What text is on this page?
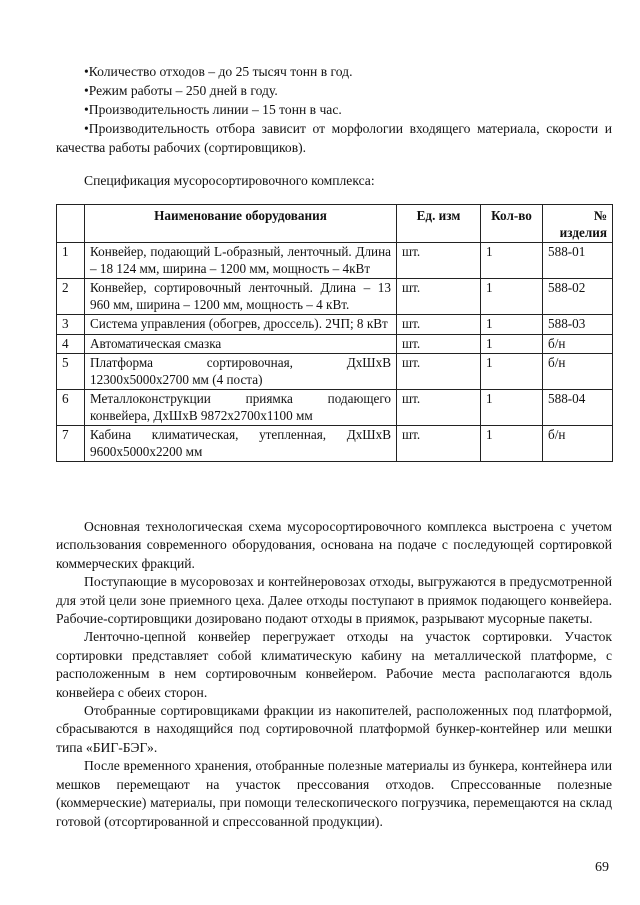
•Количество отходов – до 25 тысяч тонн в год.

•Режим работы – 250 дней в году.

•Производительность линии – 15 тонн в час.

•Производительность отбора зависит от морфологии входящего материала, скорости и качества работы рабочих (сортировщиков).

Спецификация мусоросортировочного комплекса:
	Наименование оборудования	Ед. изм	Кол-во	№ изделия
1	Конвейер, подающий L-образный, ленточный. Длина – 18 124 мм, ширина – 1200 мм, мощность – 4кВт	шт.	1	588-01
2	Конвейер, сортировочный ленточный. Длина – 13 960 мм, ширина – 1200 мм, мощность – 4 кВт.	шт.	1	588-02
3	Система управления (обогрев, дроссель). 2ЧП; 8 кВт	шт.	1	588-03
4	Автоматическая смазка	шт.	1	б/н
5	Платформа сортировочная, ДхШхВ 12300х5000х2700 мм (4 поста)	шт.	1	б/н
6	Металлоконструкции приямка подающего конвейера, ДхШхВ 9872х2700х1100 мм	шт.	1	588-04
7	Кабина климатическая, утепленная, ДхШхВ 9600х5000х2200 мм	шт.	1	б/н

Основная технологическая схема мусоросортировочного комплекса выстроена с учетом использования современного оборудования, основана на подаче с последующей сортировкой коммерческих фракций.

Поступающие в мусоровозах и контейнеровозах отходы, выгружаются в предусмотренной для этой цели зоне приемного цеха. Далее отходы поступают в приямок подающего конвейера. Рабочие-сортировщики дозировано подают отходы в приямок, разрывают мусорные пакеты.

Ленточно-цепной конвейер перегружает отходы на участок сортировки. Участок сортировки представляет собой климатическую кабину на металлической платформе, с расположенным в нем сортировочным конвейером. Рабочие места располагаются вдоль конвейера с обеих сторон.

Отобранные сортировщиками фракции из накопителей, расположенных под платформой, сбрасываются в находящийся под сортировочной платформой бункер-контейнер или мешки типа «БИГ-БЭГ».

После временного хранения, отобранные полезные материалы из бункера, контейнера или мешков перемещают на участок прессования отходов. Спрессованные полезные (коммерческие) материалы, при помощи телескопического погрузчика, перемещаются на склад готовой (отсортированной и спрессованной продукции).

69
